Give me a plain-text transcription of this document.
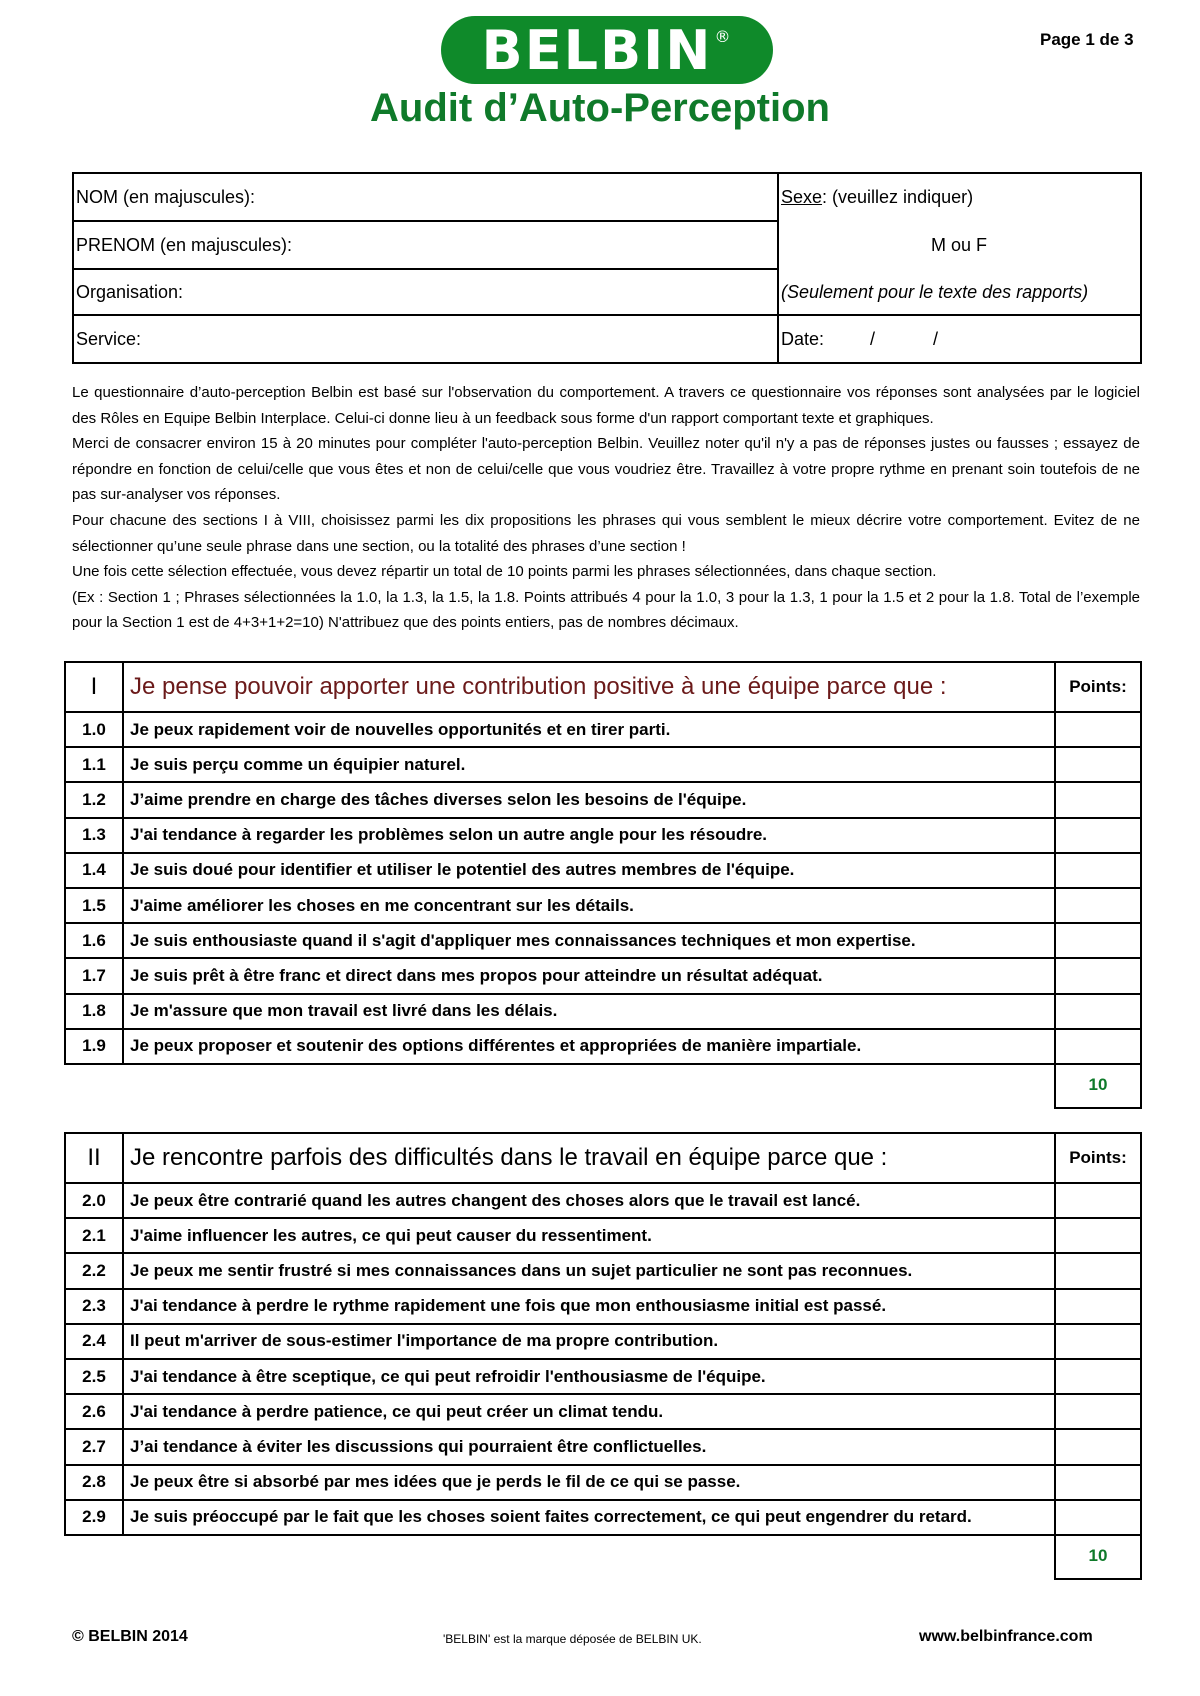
BELBIN®	Page 1 de 3
Audit d’Auto-Perception
NOM (en majuscules):
PRENOM (en majuscules):
Organisation:
Service:
Sexe : (veuillez indiquer)
M ou F
(Seulement pour le texte des rapports)
Date:	/	/

Le questionnaire d’auto-perception Belbin est basé sur l'observation du comportement. A travers ce questionnaire vos réponses sont analysées par le logiciel des Rôles en Equipe Belbin Interplace. Celui-ci donne lieu à un feedback sous forme d'un rapport comportant texte et graphiques.

Merci de consacrer environ 15 à 20 minutes pour compléter l'auto-perception Belbin. Veuillez noter qu'il n'y a pas de réponses justes ou fausses ; essayez de répondre en fonction de celui/celle que vous êtes et non de celui/celle que vous voudriez être. Travaillez à votre propre rythme en prenant soin toutefois de ne pas sur-analyser vos réponses.

Pour chacune des sections I à VIII, choisissez parmi les dix propositions les phrases qui vous semblent le mieux décrire votre comportement. Evitez de ne sélectionner qu’une seule phrase dans une section, ou la totalité des phrases d’une section !

Une fois cette sélection effectuée, vous devez répartir un total de 10 points parmi les phrases sélectionnées, dans chaque section.

(Ex : Section 1 ; Phrases sélectionnées la 1.0, la 1.3, la 1.5, la 1.8. Points attribués 4 pour la 1.0, 3 pour la 1.3, 1 pour la 1.5 et 2 pour la 1.8. Total de l’exemple pour la Section 1 est de 4+3+1+2=10) N'attribuez que des points entiers, pas de nombres décimaux.

I	Je pense pouvoir apporter une contribution positive à une équipe parce que :	Points:
1.0	Je peux rapidement voir de nouvelles opportunités et en tirer parti.	
1.1	Je suis perçu comme un équipier naturel.	
1.2	J’aime prendre en charge des tâches diverses selon les besoins de l'équipe.	
1.3	J'ai tendance à regarder les problèmes selon un autre angle pour les résoudre.	
1.4	Je suis doué pour identifier et utiliser le potentiel des autres membres de l'équipe.	
1.5	J'aime améliorer les choses en me concentrant sur les détails.	
1.6	Je suis enthousiaste quand il s'agit d'appliquer mes connaissances techniques et mon expertise.	
1.7	Je suis prêt à être franc et direct dans mes propos pour atteindre un résultat adéquat.	
1.8	Je m'assure que mon travail est livré dans les délais.	
1.9	Je peux proposer et soutenir des options différentes et appropriées de manière impartiale.	
10
II	Je rencontre parfois des difficultés dans le travail en équipe parce que :	Points:
2.0	Je peux être contrarié quand les autres changent des choses alors que le travail est lancé.	
2.1	J'aime influencer les autres, ce qui peut causer du ressentiment.	
2.2	Je peux me sentir frustré si mes connaissances dans un sujet particulier ne sont pas reconnues.	
2.3	J'ai tendance à perdre le rythme rapidement une fois que mon enthousiasme initial est passé.	
2.4	Il peut m'arriver de sous-estimer l'importance de ma propre contribution.	
2.5	J'ai tendance à être sceptique, ce qui peut refroidir l'enthousiasme de l'équipe.	
2.6	J'ai tendance à perdre patience, ce qui peut créer un climat tendu.	
2.7	J’ai tendance à éviter les discussions qui pourraient être conflictuelles.	
2.8	Je peux être si absorbé par mes idées que je perds le fil de ce qui se passe.	
2.9	Je suis préoccupé par le fait que les choses soient faites correctement, ce qui peut engendrer du retard.	
10
© BELBIN 2014	'BELBIN' est la marque déposée de BELBIN UK.	www.belbinfrance.com
